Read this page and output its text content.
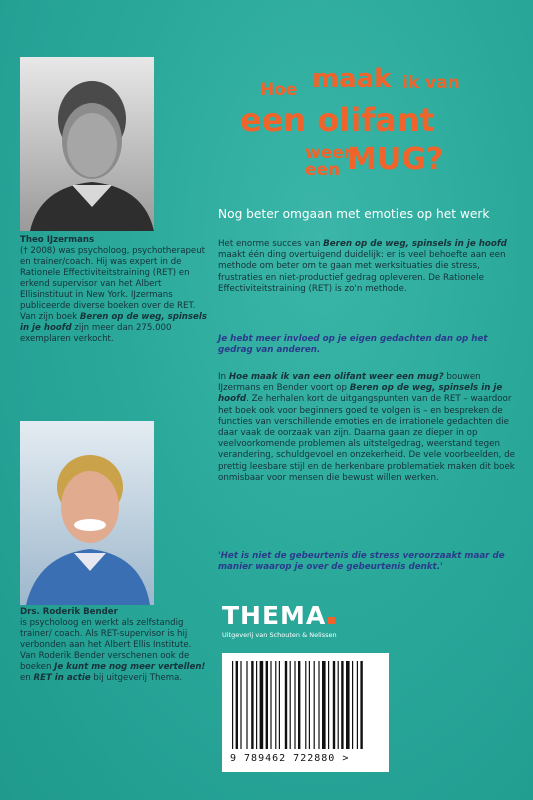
Theo IJzermans
(† 2008) was psycholoog, psychotherapeut en trainer/coach. Hij was expert in de Rationele Effectiviteitstraining (RET) en erkend supervisor van het Albert Ellisinstituut in New York. IJzermans publiceerde diverse boeken over de RET. Van zijn boek Beren op de weg, spinsels in je hoofd zijn meer dan 275.000 exemplaren verkocht.
Drs. Roderik Bender
is psycholoog en werkt als zelfstandig trainer/ coach. Als RET-supervisor is hij verbonden aan het Albert Ellis Institute. Van Roderik Bender verschenen ook de boeken Je kunt me nog meer vertellen! en RET in actie bij uitgeverij Thema.
Hoe maak ik van
een olifant
weer
een MUG?
Nog beter omgaan met emoties op het werk
Het enorme succes van Beren op de weg, spinsels in je hoofd maakt één ding overtuigend duidelijk: er is veel behoefte aan een methode om beter om te gaan met werksituaties die stress, frustraties en niet-productief gedrag opleveren. De Rationele Effectiviteitstraining (RET) is zo'n methode.
Je hebt meer invloed op je eigen gedachten dan op het gedrag van anderen.
In Hoe maak ik van een olifant weer een mug? bouwen IJzermans en Bender voort op Beren op de weg, spinsels in je hoofd. Ze herhalen kort de uitgangspunten van de RET – waardoor het boek ook voor beginners goed te volgen is – en bespreken de functies van verschillende emoties en de irrationele gedachten die daar vaak de oorzaak van zijn. Daarna gaan ze dieper in op veelvoorkomende problemen als uitstelgedrag, weerstand tegen verandering, schuldgevoel en onzekerheid. De vele voorbeelden, de prettig leesbare stijl en de herkenbare problematiek maken dit boek onmisbaar voor mensen die bewust willen werken.
'Het is niet de gebeurtenis die stress veroorzaakt maar de manier waarop je over de gebeurtenis denkt.'
THEMA
Uitgeverij van Schouten & Nelissen
9 789462 722880 >
